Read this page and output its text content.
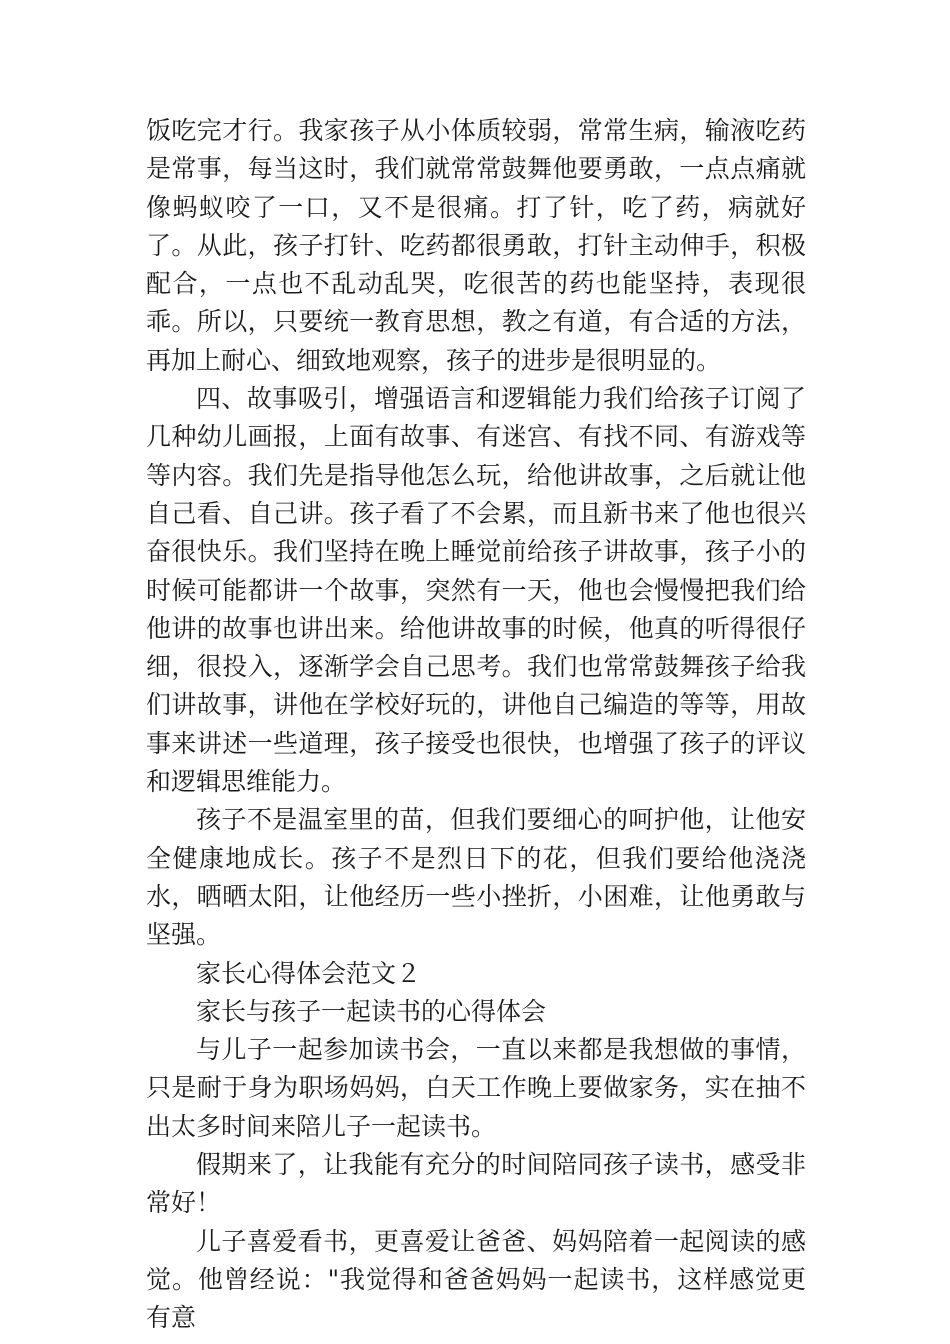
饭吃完才行。我家孩子从小体质较弱，常常生病，输液吃药是常事，每当这时，我们就常常鼓舞他要勇敢，一点点痛就像蚂蚁咬了一口，又不是很痛。打了针，吃了药，病就好了。从此，孩子打针、吃药都很勇敢，打针主动伸手，积极配合，一点也不乱动乱哭，吃很苦的药也能坚持，表现很乖。所以，只要统一教育思想，教之有道，有合适的方法，再加上耐心、细致地观察，孩子的进步是很明显的。

四、故事吸引，增强语言和逻辑能力我们给孩子订阅了几种幼儿画报，上面有故事、有迷宫、有找不同、有游戏等等内容。我们先是指导他怎么玩，给他讲故事，之后就让他自己看、自己讲。孩子看了不会累，而且新书来了他也很兴奋很快乐。我们坚持在晚上睡觉前给孩子讲故事，孩子小的时候可能都讲一个故事，突然有一天，他也会慢慢把我们给他讲的故事也讲出来。给他讲故事的时候，他真的听得很仔细，很投入，逐渐学会自己思考。我们也常常鼓舞孩子给我们讲故事，讲他在学校好玩的，讲他自己编造的等等，用故事来讲述一些道理，孩子接受也很快，也增强了孩子的评议和逻辑思维能力。

孩子不是温室里的苗，但我们要细心的呵护他，让他安全健康地成长。孩子不是烈日下的花，但我们要给他浇浇水，晒晒太阳，让他经历一些小挫折，小困难，让他勇敢与坚强。

家长心得体会范文２

家长与孩子一起读书的心得体会

与儿子一起参加读书会，一直以来都是我想做的事情，只是耐于身为职场妈妈，白天工作晚上要做家务，实在抽不出太多时间来陪儿子一起读书。

假期来了，让我能有充分的时间陪同孩子读书，感受非常好！

儿子喜爱看书，更喜爱让爸爸、妈妈陪着一起阅读的感觉。他曾经说："我觉得和爸爸妈妈一起读书，这样感觉更有意
